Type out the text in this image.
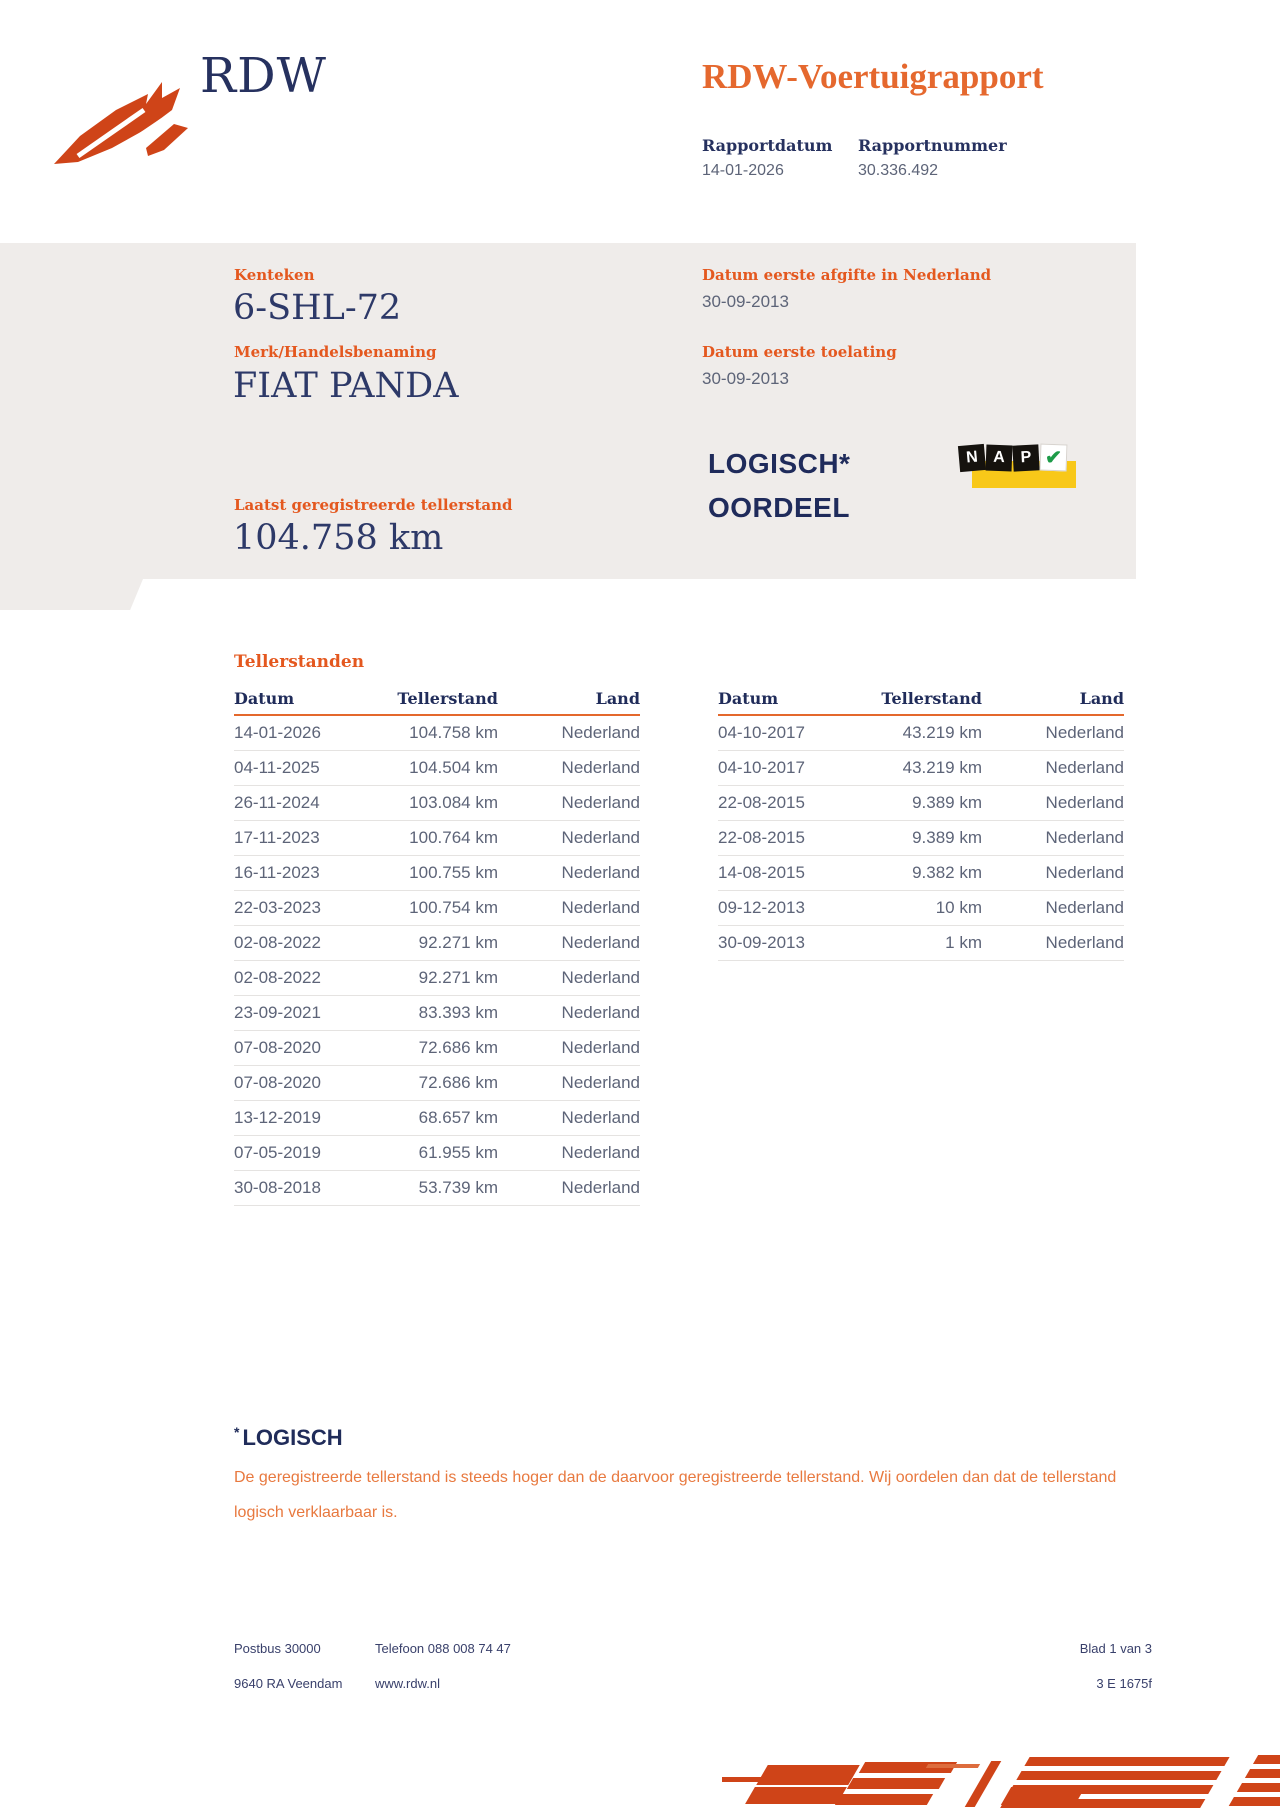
RDW	RDW-Voertuigrapport
Rapportdatum Rapportnummer
14-01-2026	30.336.492
Kenteken
6-SHL-72
Merk/Handelsbenaming
FIAT PANDA
Laatst geregistreerde tellerstand
104.758 km
Datum eerste afgifte in Nederland
30-09-2013
Datum eerste toelating
30-09-2013
LOGISCH*
OORDEEL
N A P ✔
Tellerstanden
Datum	Tellerstand	Land
14-01-2026	104.758 km	Nederland
04-11-2025	104.504 km	Nederland
26-11-2024	103.084 km	Nederland
17-11-2023	100.764 km	Nederland
16-11-2023	100.755 km	Nederland
22-03-2023	100.754 km	Nederland
02-08-2022	92.271 km	Nederland
02-08-2022	92.271 km	Nederland
23-09-2021	83.393 km	Nederland
07-08-2020	72.686 km	Nederland
07-08-2020	72.686 km	Nederland
13-12-2019	68.657 km	Nederland
07-05-2019	61.955 km	Nederland
30-08-2018	53.739 km	Nederland
Datum	Tellerstand	Land
04-10-2017	43.219 km	Nederland
04-10-2017	43.219 km	Nederland
22-08-2015	9.389 km	Nederland
22-08-2015	9.389 km	Nederland
14-08-2015	9.382 km	Nederland
09-12-2013	10 km	Nederland
30-09-2013	1 km	Nederland
* LOGISCH
De geregistreerde tellerstand is steeds hoger dan de daarvoor geregistreerde tellerstand. Wij oordelen dan dat de tellerstand logisch verklaarbaar is.
Postbus 30000
9640 RA Veendam
Telefoon 088 008 74 47
www.rdw.nl
Blad 1 van 3
3 E 1675f
